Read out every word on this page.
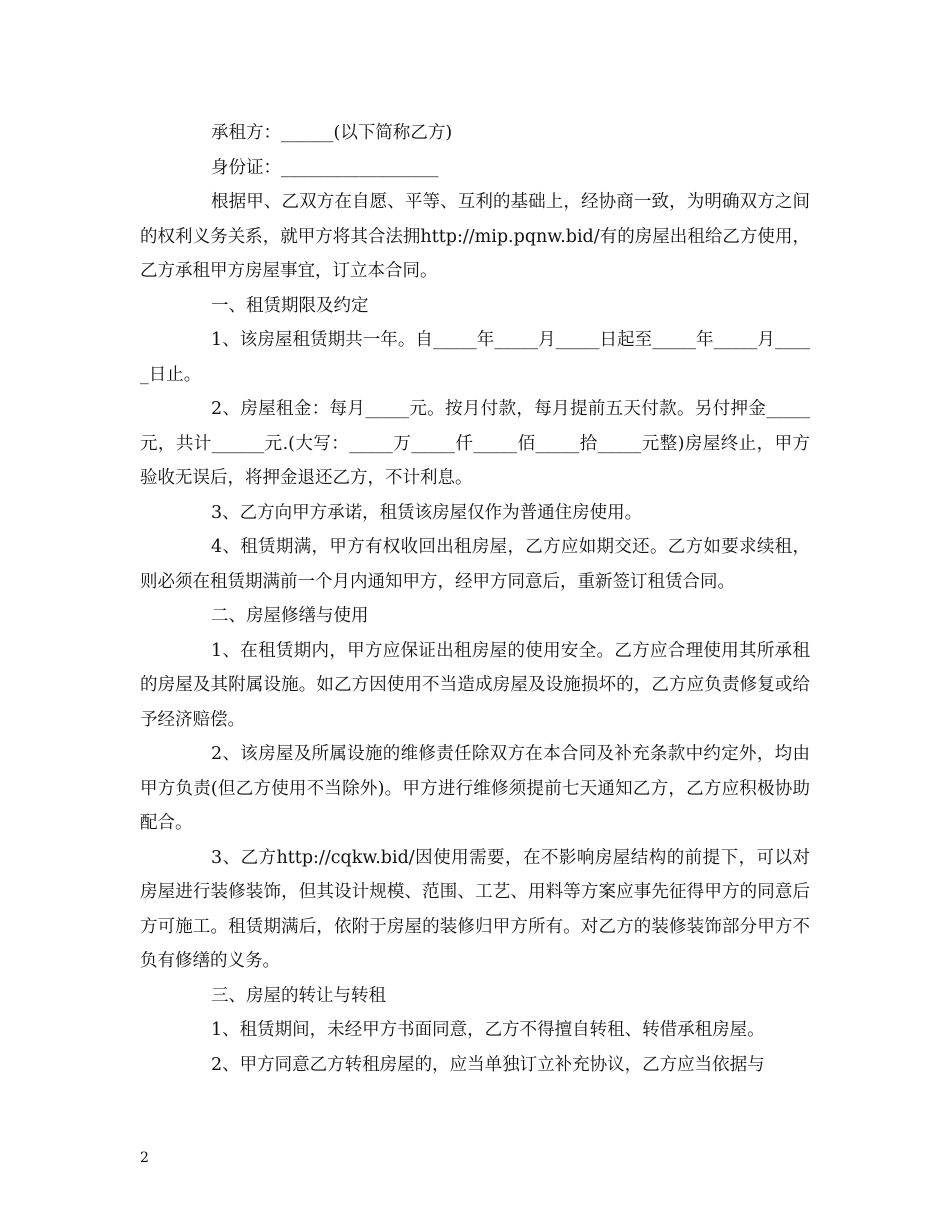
承租方：______(以下简称乙方)

身份证：__________________

根据甲、乙双方在自愿、平等、互利的基础上，经协商一致，为明确双方之间的权利义务关系，就甲方将其合法拥http://mip.pqnw.bid/有的房屋出租给乙方使用，乙方承租甲方房屋事宜，订立本合同。

一、租赁期限及约定

1、该房屋租赁期共一年。自_____年_____月_____日起至_____年_____月_____日止。

2、房屋租金：每月_____元。按月付款，每月提前五天付款。另付押金_____元，共计______元.(大写：_____万_____仟_____佰_____拾_____元整)房屋终止，甲方验收无误后，将押金退还乙方，不计利息。

3、乙方向甲方承诺，租赁该房屋仅作为普通住房使用。

4、租赁期满，甲方有权收回出租房屋，乙方应如期交还。乙方如要求续租，则必须在租赁期满前一个月内通知甲方，经甲方同意后，重新签订租赁合同。

二、房屋修缮与使用

1、在租赁期内，甲方应保证出租房屋的使用安全。乙方应合理使用其所承租的房屋及其附属设施。如乙方因使用不当造成房屋及设施损坏的，乙方应负责修复或给予经济赔偿。

2、该房屋及所属设施的维修责任除双方在本合同及补充条款中约定外，均由甲方负责(但乙方使用不当除外)。甲方进行维修须提前七天通知乙方，乙方应积极协助配合。

3、乙方http://cqkw.bid/因使用需要，在不影响房屋结构的前提下，可以对房屋进行装修装饰，但其设计规模、范围、工艺、用料等方案应事先征得甲方的同意后方可施工。租赁期满后，依附于房屋的装修归甲方所有。对乙方的装修装饰部分甲方不负有修缮的义务。

三、房屋的转让与转租

1、租赁期间，未经甲方书面同意，乙方不得擅自转租、转借承租房屋。

2、甲方同意乙方转租房屋的，应当单独订立补充协议，乙方应当依据与

2
